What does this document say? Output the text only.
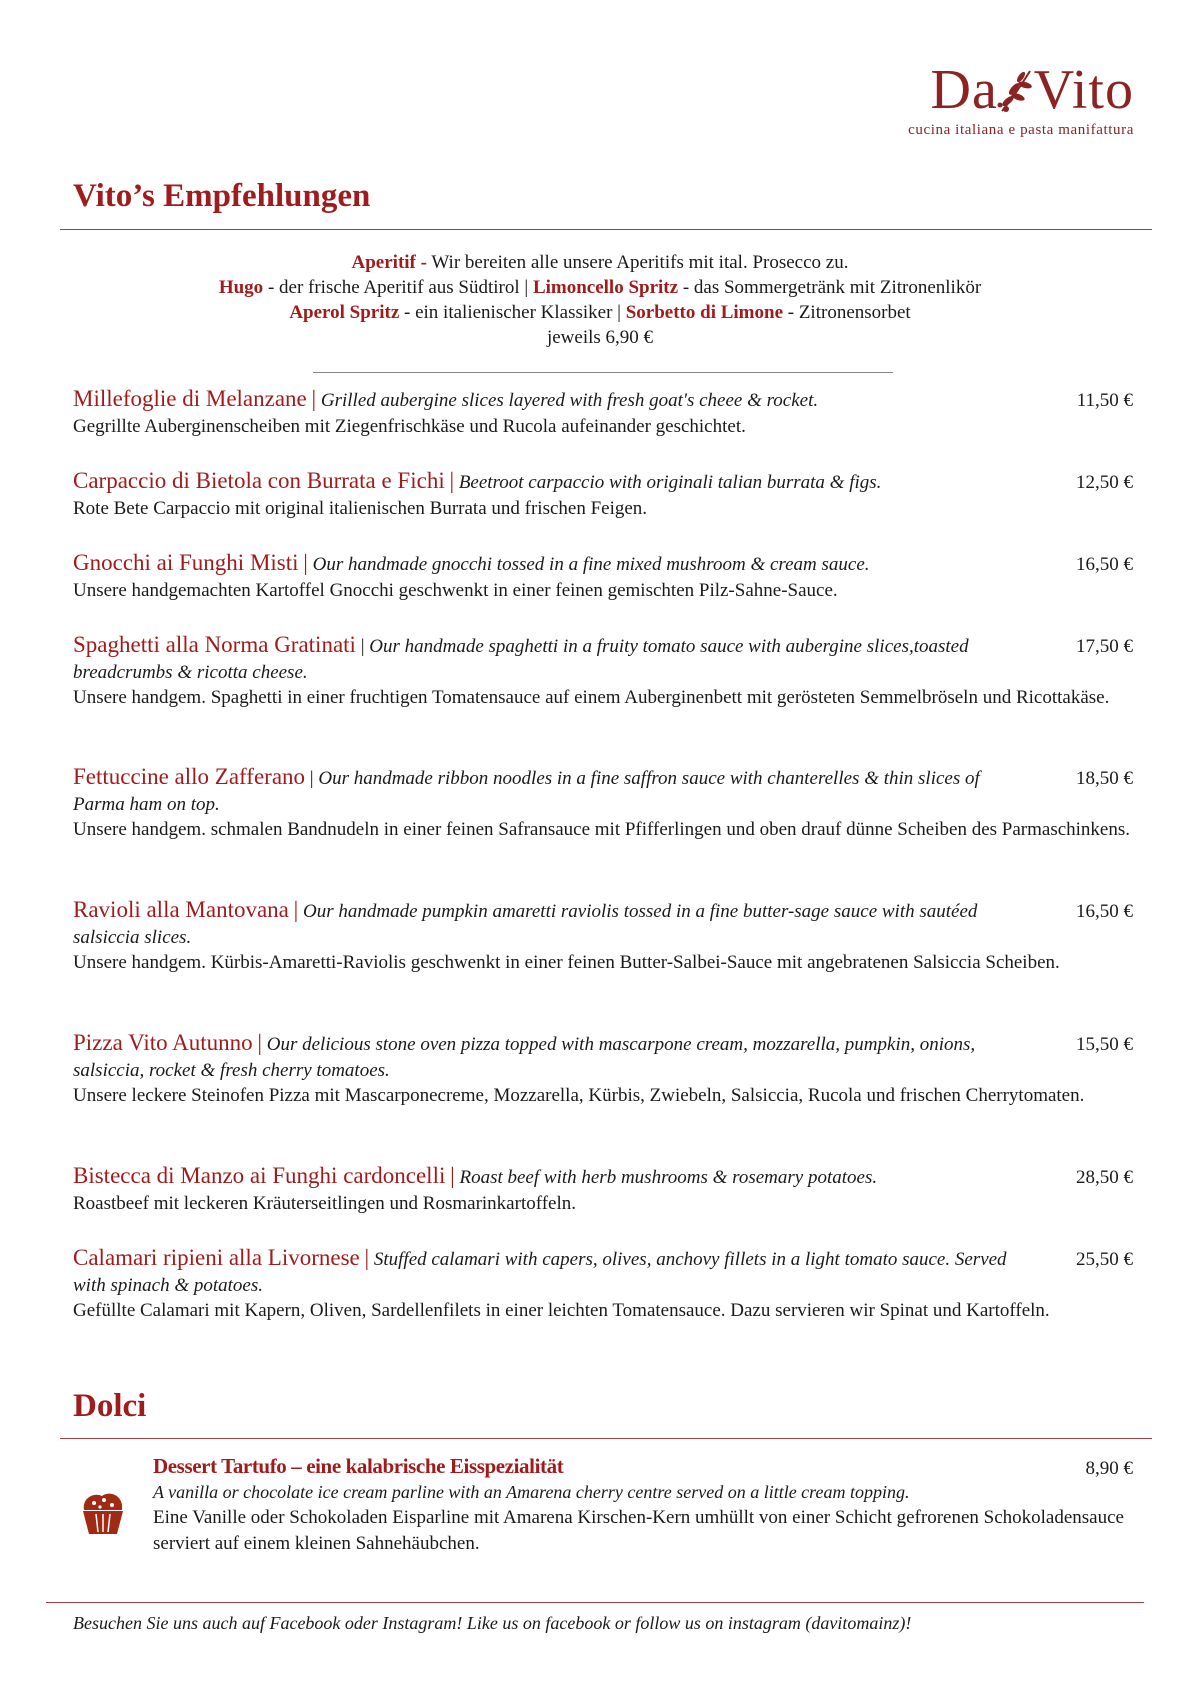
Da Vito
cucina italiana e pasta manifattura
Vito’s Empfehlungen
Aperitif - Wir bereiten alle unsere Aperitifs mit ital. Prosecco zu.
Hugo - der frische Aperitif aus Südtirol | Limoncello Spritz - das Sommergetränk mit Zitronenlikör
Aperol Spritz - ein italienischer Klassiker | Sorbetto di Limone - Zitronensorbet
jeweils 6,90 €
Millefoglie di Melanzane | Grilled aubergine slices layered with fresh goat's cheee & rocket.
Gegrillte Auberginenscheiben mit Ziegenfrischkäse und Rucola aufeinander geschichtet.
11,50 €
Carpaccio di Bietola con Burrata e Fichi | Beetroot carpaccio with originali talian burrata & figs.
Rote Bete Carpaccio mit original italienischen Burrata und frischen Feigen.
12,50 €
Gnocchi ai Funghi Misti | Our handmade gnocchi tossed in a fine mixed mushroom & cream sauce.
Unsere handgemachten Kartoffel Gnocchi geschwenkt in einer feinen gemischten Pilz-Sahne-Sauce.
16,50 €
Spaghetti alla Norma Gratinati | Our handmade spaghetti in a fruity tomato sauce with aubergine slices,toasted breadcrumbs & ricotta cheese.
Unsere handgem. Spaghetti in einer fruchtigen Tomatensauce auf einem Auberginenbett mit gerösteten Semmelbröseln und Ricottakäse.
17,50 €
Fettuccine allo Zafferano | Our handmade ribbon noodles in a fine saffron sauce with chanterelles & thin slices of Parma ham on top.
Unsere handgem. schmalen Bandnudeln in einer feinen Safransauce mit Pfifferlingen und oben drauf dünne Scheiben des Parmaschinkens.
18,50 €
Ravioli alla Mantovana | Our handmade pumpkin amaretti raviolis tossed in a fine butter-sage sauce with sautéed salsiccia slices.
Unsere handgem. Kürbis-Amaretti-Raviolis geschwenkt in einer feinen Butter-Salbei-Sauce mit angebratenen Salsiccia Scheiben.
16,50 €
Pizza Vito Autunno | Our delicious stone oven pizza topped with mascarpone cream, mozzarella, pumpkin, onions, salsiccia, rocket & fresh cherry tomatoes.
Unsere leckere Steinofen Pizza mit Mascarponecreme, Mozzarella, Kürbis, Zwiebeln, Salsiccia, Rucola und frischen Cherrytomaten.
15,50 €
Bistecca di Manzo ai Funghi cardoncelli | Roast beef with herb mushrooms & rosemary potatoes.
Roastbeef mit leckeren Kräuterseitlingen und Rosmarinkartoffeln.
28,50 €
Calamari ripieni alla Livornese | Stuffed calamari with capers, olives, anchovy fillets in a light tomato sauce. Served with spinach & potatoes.
Gefüllte Calamari mit Kapern, Oliven, Sardellenfilets in einer leichten Tomatensauce. Dazu servieren wir Spinat und Kartoffeln.
25,50 €
Dolci
Dessert Tartufo – eine kalabrische Eisspezialität
A vanilla or chocolate ice cream parline with an Amarena cherry centre served on a little cream topping.
Eine Vanille oder Schokoladen Eisparline mit Amarena Kirschen-Kern umhüllt von einer Schicht gefrorenen Schokoladensauce serviert auf einem kleinen Sahnehäubchen.
8,90 €
Besuchen Sie uns auch auf Facebook oder Instagram! Like us on facebook or follow us on instagram (davitomainz)!
